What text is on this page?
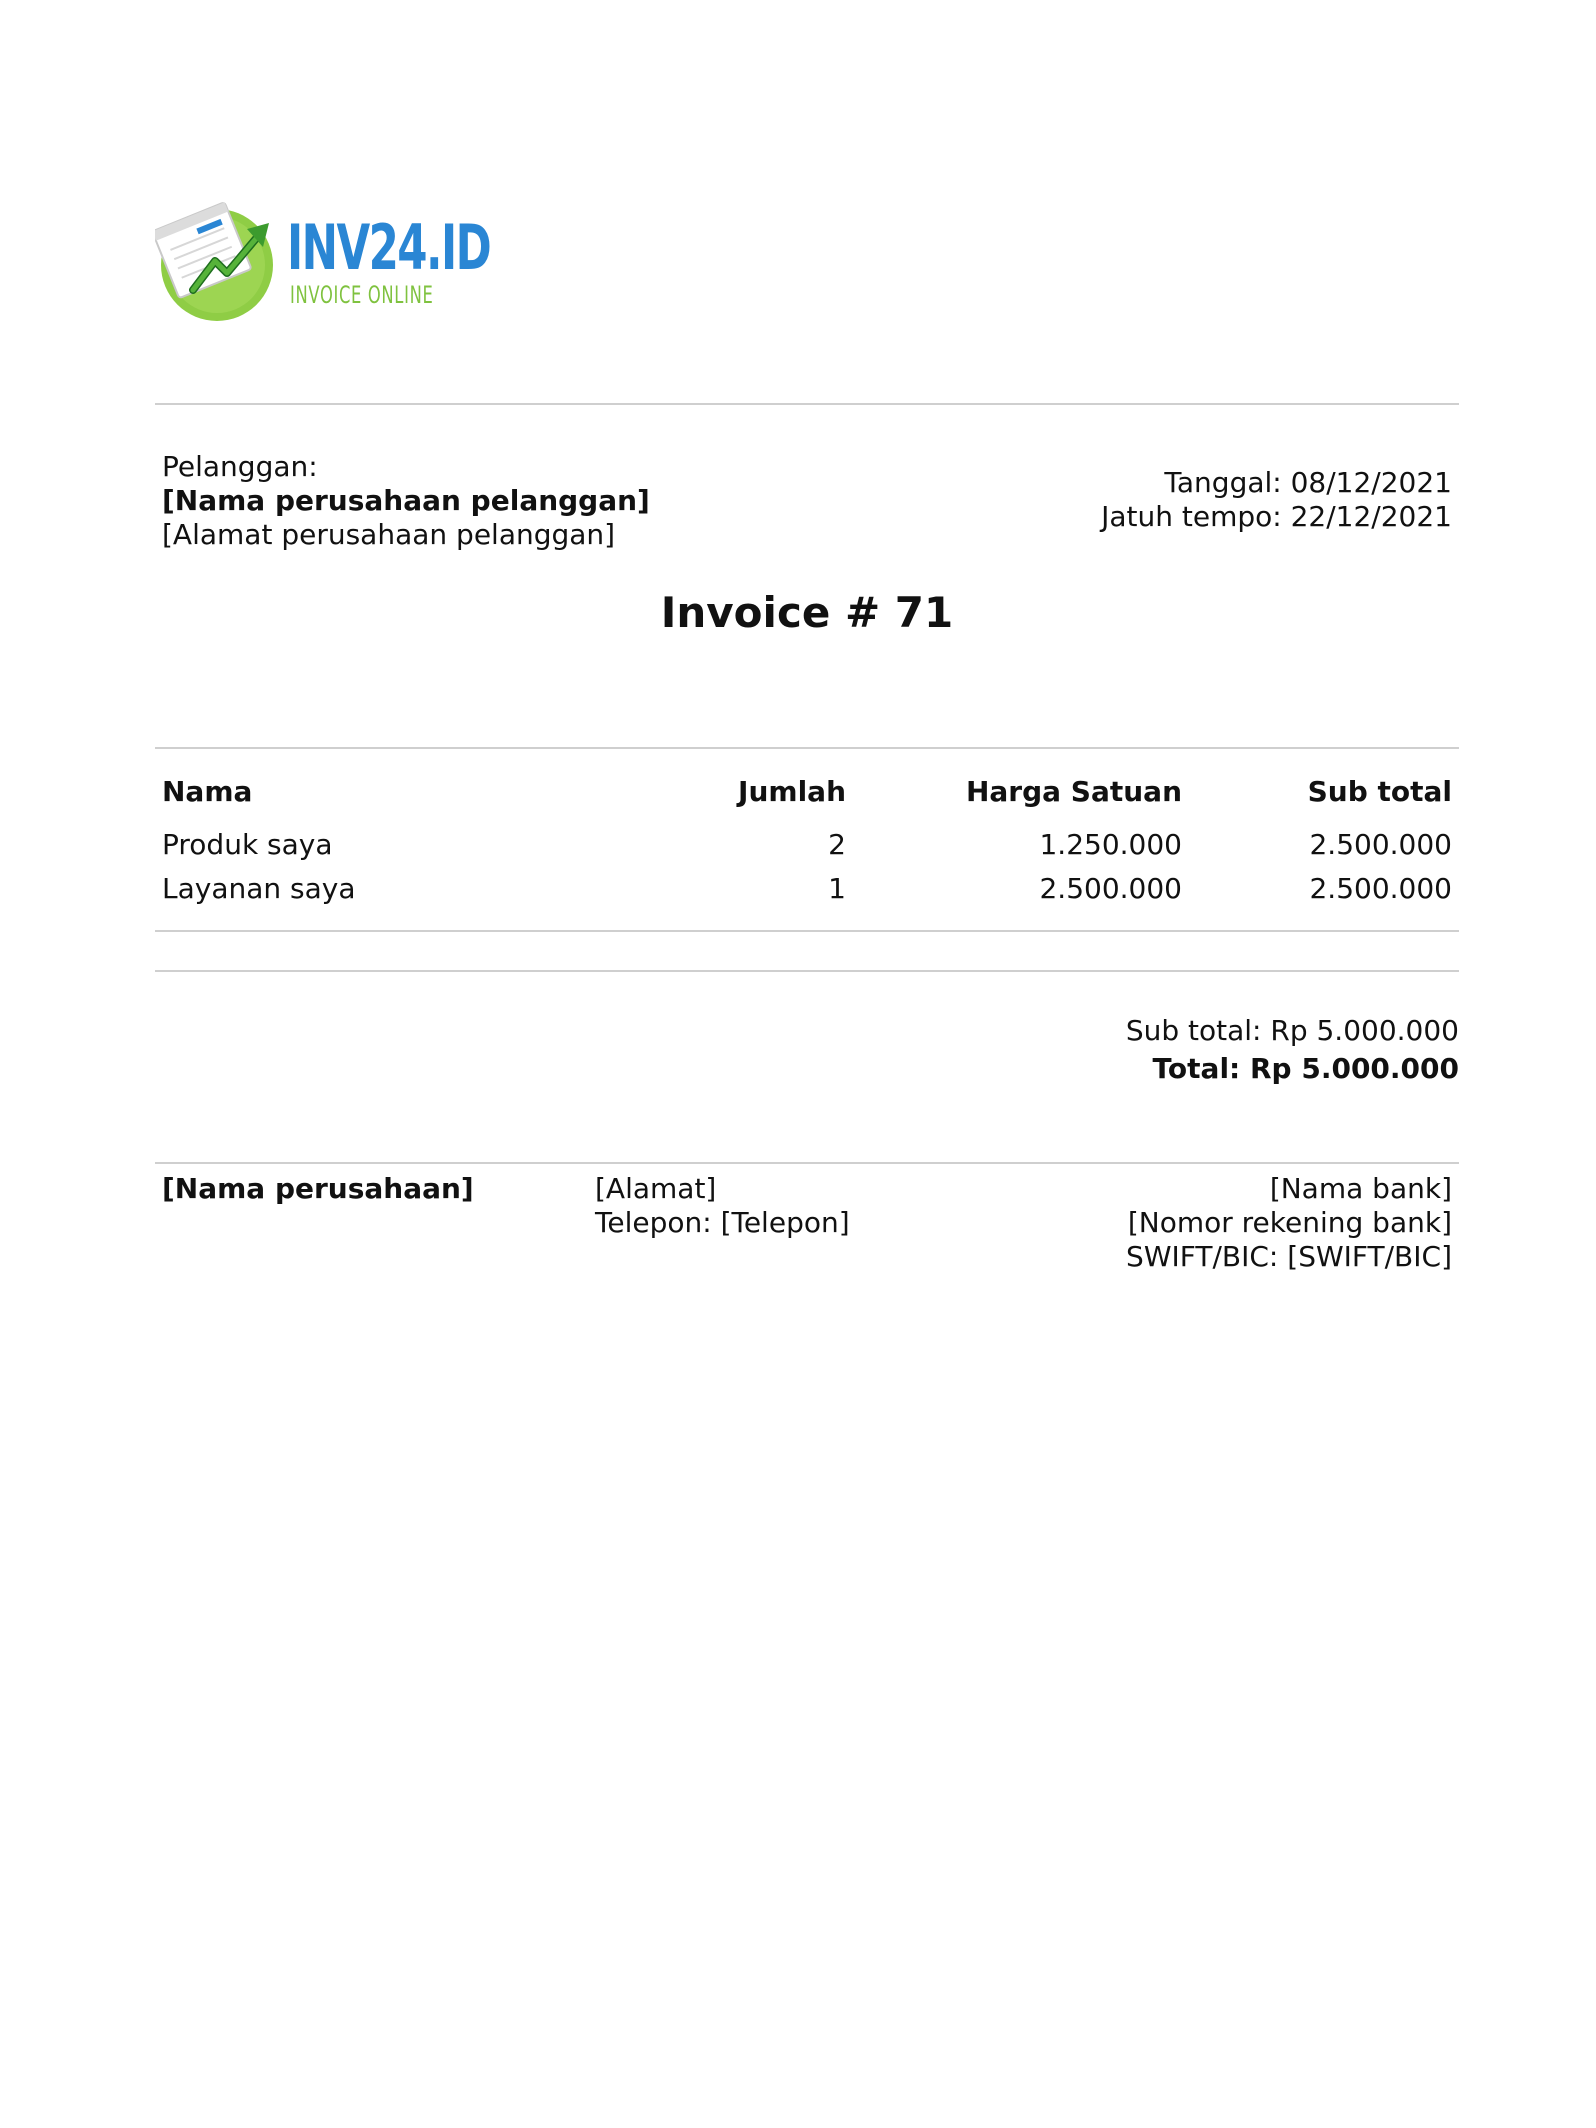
INV24.ID
INVOICE ONLINE
Pelanggan:
[Nama perusahaan pelanggan]
[Alamat perusahaan pelanggan]
Tanggal: 08/12/2021
Jatuh tempo: 22/12/2021
Invoice # 71
Nama	Jumlah	Harga Satuan	Sub total
Produk saya	2	1.250.000	2.500.000
Layanan saya	1	2.500.000	2.500.000
Sub total: Rp 5.000.000
Total: Rp 5.000.000
[Nama perusahaan]	[Alamat]
Telepon: [Telepon]
[Nama bank]
[Nomor rekening bank]
SWIFT/BIC: [SWIFT/BIC]
